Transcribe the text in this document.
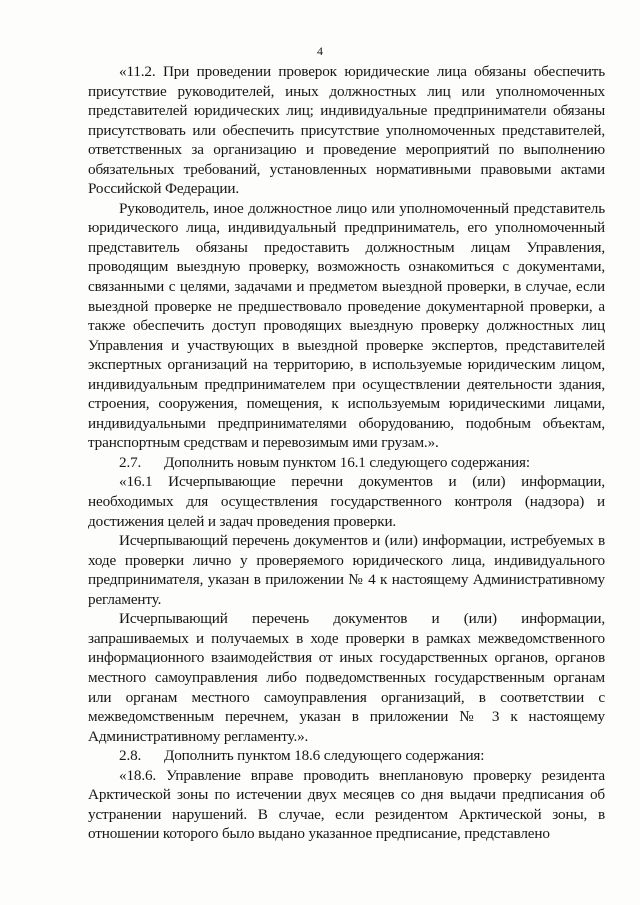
4

«11.2. При проведении проверок юридические лица обязаны обеспечить присутствие руководителей, иных должностных лиц или уполномоченных представителей юридических лиц; индивидуальные предприниматели обязаны присутствовать или обеспечить присутствие уполномоченных представителей, ответственных за организацию и проведение мероприятий по выполнению обязательных требований, установленных нормативными правовыми актами Российской Федерации.

Руководитель, иное должностное лицо или уполномоченный представитель юридического лица, индивидуальный предприниматель, его уполномоченный представитель обязаны предоставить должностным лицам Управления, проводящим выездную проверку, возможность ознакомиться с документами, связанными с целями, задачами и предметом выездной проверки, в случае, если выездной проверке не предшествовало проведение документарной проверки, а также обеспечить доступ проводящих выездную проверку должностных лиц Управления и участвующих в выездной проверке экспертов, представителей экспертных организаций на территорию, в используемые юридическим лицом, индивидуальным предпринимателем при осуществлении деятельности здания, строения, сооружения, помещения, к используемым юридическими лицами, индивидуальными предпринимателями оборудованию, подобным объектам, транспортным средствам и перевозимым ими грузам.».

2.7. Дополнить новым пунктом 16.1 следующего содержания:

«16.1 Исчерпывающие перечни документов и (или) информации, необходимых для осуществления государственного контроля (надзора) и достижения целей и задач проведения проверки.

Исчерпывающий перечень документов и (или) информации, истребуемых в ходе проверки лично у проверяемого юридического лица, индивидуального предпринимателя, указан в приложении № 4 к настоящему Административному регламенту.

Исчерпывающий перечень документов и (или) информации, запрашиваемых и получаемых в ходе проверки в рамках межведомственного информационного взаимодействия от иных государственных органов, органов местного самоуправления либо подведомственных государственным органам или органам местного самоуправления организаций, в соответствии с межведомственным перечнем, указан в приложении № 3 к настоящему Административному регламенту.».

2.8. Дополнить пунктом 18.6 следующего содержания:

«18.6. Управление вправе проводить внеплановую проверку резидента Арктической зоны по истечении двух месяцев со дня выдачи предписания об устранении нарушений. В случае, если резидентом Арктической зоны, в отношении которого было выдано указанное предписание, представлено
